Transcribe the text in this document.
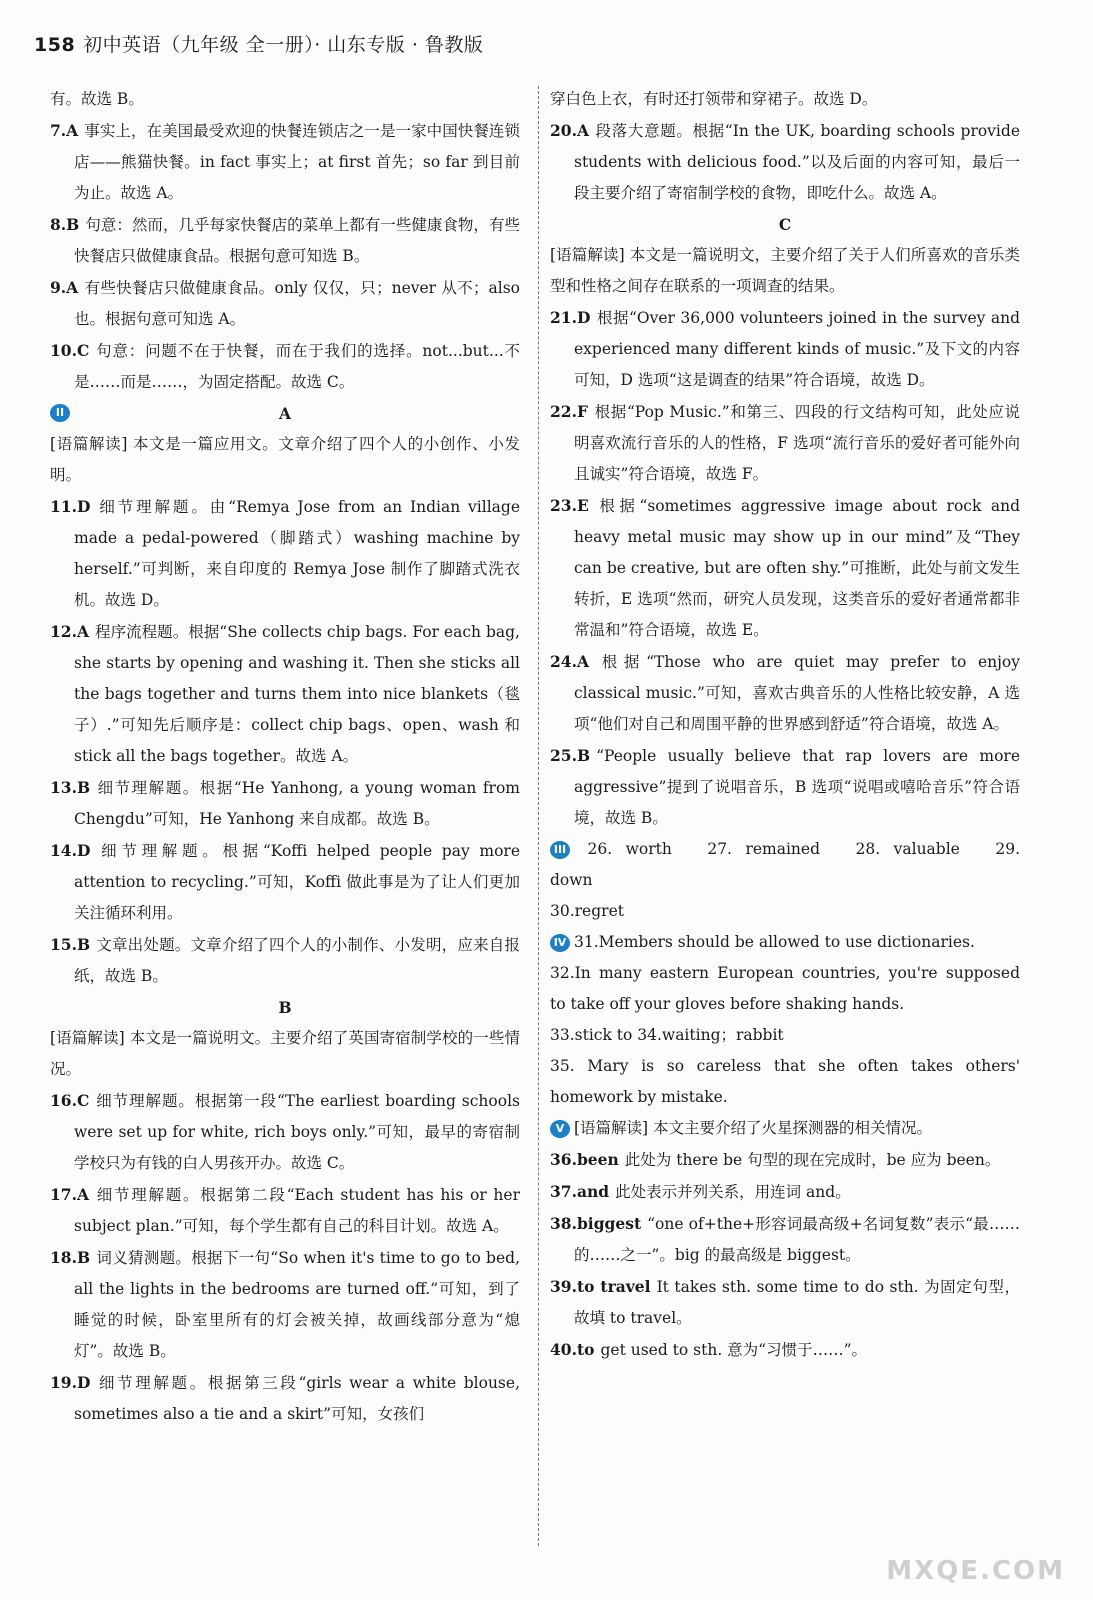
158 初中英语（九年级 全一册）· 山东专版 · 鲁教版

有。故选 B。

7.A 事实上，在美国最受欢迎的快餐连锁店之一是一家中国快餐连锁店——熊猫快餐。in fact 事实上；at first 首先；so far 到目前为止。故选 A。

8.B 句意：然而，几乎每家快餐店的菜单上都有一些健康食物，有些快餐店只做健康食品。根据句意可知选 B。

9.A 有些快餐店只做健康食品。only 仅仅，只；never 从不；also 也。根据句意可知选 A。

10.C 句意：问题不在于快餐，而在于我们的选择。not...but...不是……而是……，为固定搭配。故选 C。

II	A

[语篇解读] 本文是一篇应用文。文章介绍了四个人的小创作、小发明。

11.D 细节理解题。由“Remya Jose from an Indian village made a pedal-powered（脚踏式）washing machine by herself.”可判断，来自印度的 Remya Jose 制作了脚踏式洗衣机。故选 D。

12.A 程序流程题。根据“She collects chip bags. For each bag, she starts by opening and washing it. Then she sticks all the bags together and turns them into nice blankets（毯子）.”可知先后顺序是：collect chip bags、open、wash 和 stick all the bags together。故选 A。

13.B 细节理解题。根据“He Yanhong, a young woman from Chengdu”可知，He Yanhong 来自成都。故选 B。

14.D 细节理解题。根据“Koffi helped people pay more attention to recycling.”可知，Koffi 做此事是为了让人们更加关注循环利用。

15.B 文章出处题。文章介绍了四个人的小制作、小发明，应来自报纸，故选 B。

B

[语篇解读] 本文是一篇说明文。主要介绍了英国寄宿制学校的一些情况。

16.C 细节理解题。根据第一段“The earliest boarding schools were set up for white, rich boys only.”可知，最早的寄宿制学校只为有钱的白人男孩开办。故选 C。

17.A 细节理解题。根据第二段“Each student has his or her subject plan.”可知，每个学生都有自己的科目计划。故选 A。

18.B 词义猜测题。根据下一句“So when it's time to go to bed, all the lights in the bedrooms are turned off.”可知，到了睡觉的时候，卧室里所有的灯会被关掉，故画线部分意为“熄灯”。故选 B。

19.D 细节理解题。根据第三段“girls wear a white blouse, sometimes also a tie and a skirt”可知，女孩们

穿白色上衣，有时还打领带和穿裙子。故选 D。

20.A 段落大意题。根据“In the UK, boarding schools provide students with delicious food.”以及后面的内容可知，最后一段主要介绍了寄宿制学校的食物，即吃什么。故选 A。

C

[语篇解读] 本文是一篇说明文，主要介绍了关于人们所喜欢的音乐类型和性格之间存在联系的一项调查的结果。

21.D 根据“Over 36,000 volunteers joined in the survey and experienced many different kinds of music.”及下文的内容可知，D 选项“这是调查的结果”符合语境，故选 D。

22.F 根据“Pop Music.”和第三、四段的行文结构可知，此处应说明喜欢流行音乐的人的性格，F 选项“流行音乐的爱好者可能外向且诚实”符合语境，故选 F。

23.E 根据“sometimes aggressive image about rock and heavy metal music may show up in our mind”及“They can be creative, but are often shy.”可推断，此处与前文发生转折，E 选项“然而，研究人员发现，这类音乐的爱好者通常都非常温和”符合语境，故选 E。

24.A 根据“Those who are quiet may prefer to enjoy classical music.”可知，喜欢古典音乐的人性格比较安静，A 选项“他们对自己和周围平静的世界感到舒适”符合语境，故选 A。

25.B “People usually believe that rap lovers are more aggressive”提到了说唱音乐，B 选项“说唱或嘻哈音乐”符合语境，故选 B。

III 26. worth 27. remained 28. valuable 29. down

30.regret

IV 31.Members should be allowed to use dictionaries.

32.In many eastern European countries, you're supposed to take off your gloves before shaking hands.

33.stick to 34.waiting；rabbit

35. Mary is so careless that she often takes others' homework by mistake.

V [语篇解读] 本文主要介绍了火星探测器的相关情况。

36.been 此处为 there be 句型的现在完成时，be 应为 been。

37.and 此处表示并列关系，用连词 and。

38.biggest “one of+the+形容词最高级+名词复数”表示“最……的……之一”。big 的最高级是 biggest。

39.to travel It takes sth. some time to do sth. 为固定句型，故填 to travel。

40.to get used to sth. 意为“习惯于……”。

MXQE.COM
